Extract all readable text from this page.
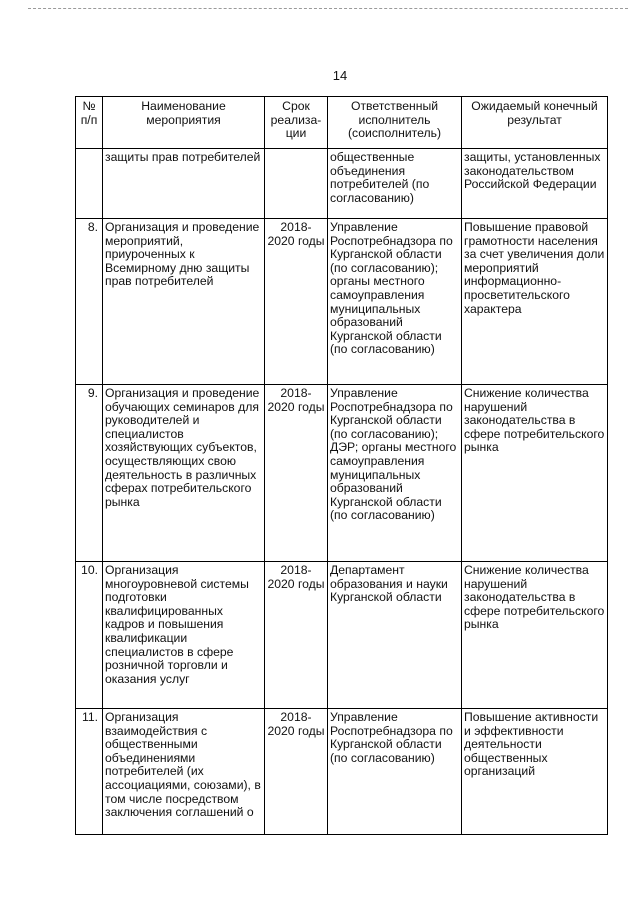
14
№ п/п	Наименование мероприятия	Срок реализа-ции	Ответственный исполнитель (соисполнитель)	Ожидаемый конечный результат
	защиты прав потребителей		общественные объединения потребителей (по согласованию)	защиты, установленных законодательством Российской Федерации
8.	Организация и проведение мероприятий, приуроченных к Всемирному дню защиты прав потребителей	2018-2020 годы	Управление Роспотребнадзора по Курганской области (по согласованию); органы местного самоуправления муниципальных образований Курганской области (по согласованию)	Повышение правовой грамотности населения за счет увеличения доли мероприятий информационно-просветительского характера
9.	Организация и проведение обучающих семинаров для руководителей и специалистов хозяйствующих субъектов, осуществляющих свою деятельность в различных сферах потребительского рынка	2018-2020 годы	Управление Роспотребнадзора по Курганской области (по согласованию); ДЭР; органы местного самоуправления муниципальных образований Курганской области (по согласованию)	Снижение количества нарушений законодательства в сфере потребительского рынка
10.	Организация многоуровневой системы подготовки квалифицированных кадров и повышения квалификации специалистов в сфере розничной торговли и оказания услуг	2018-2020 годы	Департамент образования и науки Курганской области	Снижение количества нарушений законодательства в сфере потребительского рынка
11.	Организация взаимодействия с общественными объединениями потребителей (их ассоциациями, союзами), в том числе посредством заключения соглашений о	2018-2020 годы	Управление Роспотребнадзора по Курганской области (по согласованию)	Повышение активности и эффективности деятельности общественных организаций
